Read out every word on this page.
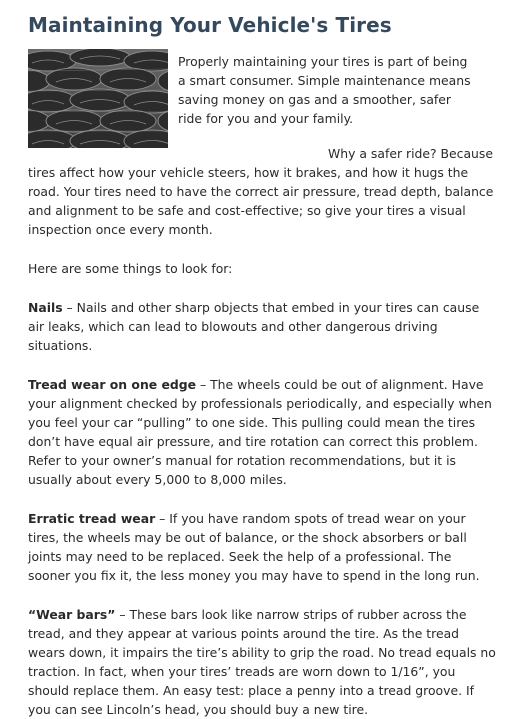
Maintaining Your Vehicle's Tires

Properly maintaining your tires is part of being a smart consumer. Simple maintenance means saving money on gas and a smoother, safer ride for you and your family.

Why a safer ride? Because tires affect how your vehicle steers, how it brakes, and how it hugs the road. Your tires need to have the correct air pressure, tread depth, balance and alignment to be safe and cost-effective; so give your tires a visual inspection once every month.

Here are some things to look for:

Nails – Nails and other sharp objects that embed in your tires can cause air leaks, which can lead to blowouts and other dangerous driving situations.

Tread wear on one edge – The wheels could be out of alignment. Have your alignment checked by professionals periodically, and especially when you feel your car “pulling” to one side. This pulling could mean the tires don’t have equal air pressure, and tire rotation can correct this problem. Refer to your owner’s manual for rotation recommendations, but it is usually about every 5,000 to 8,000 miles.

Erratic tread wear – If you have random spots of tread wear on your tires, the wheels may be out of balance, or the shock absorbers or ball joints may need to be replaced. Seek the help of a professional. The sooner you fix it, the less money you may have to spend in the long run.

“Wear bars” – These bars look like narrow strips of rubber across the tread, and they appear at various points around the tire. As the tread wears down, it impairs the tire’s ability to grip the road. No tread equals no traction. In fact, when your tires’ treads are worn down to 1/16”, you should replace them. An easy test: place a penny into a tread groove. If you can see Lincoln’s head, you should buy a new tire.
